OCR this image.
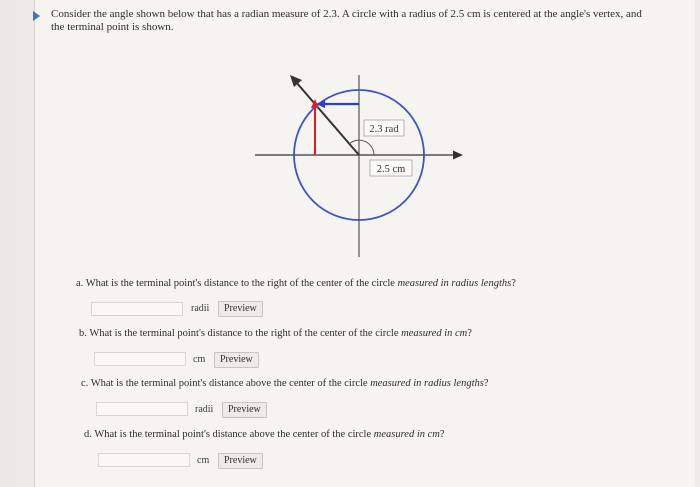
Consider the angle shown below that has a radian measure of 2.3. A circle with a radius of 2.5 cm is centered at the angle's vertex, and the terminal point is shown.
2.3 rad
2.5 cm
a. What is the terminal point's distance to the right of the center of the circle measured in radius lengths?
radii	Preview
b. What is the terminal point's distance to the right of the center of the circle measured in cm?
cm	Preview
c. What is the terminal point's distance above the center of the circle measured in radius lengths?
radii	Preview
d. What is the terminal point's distance above the center of the circle measured in cm?
cm	Preview
